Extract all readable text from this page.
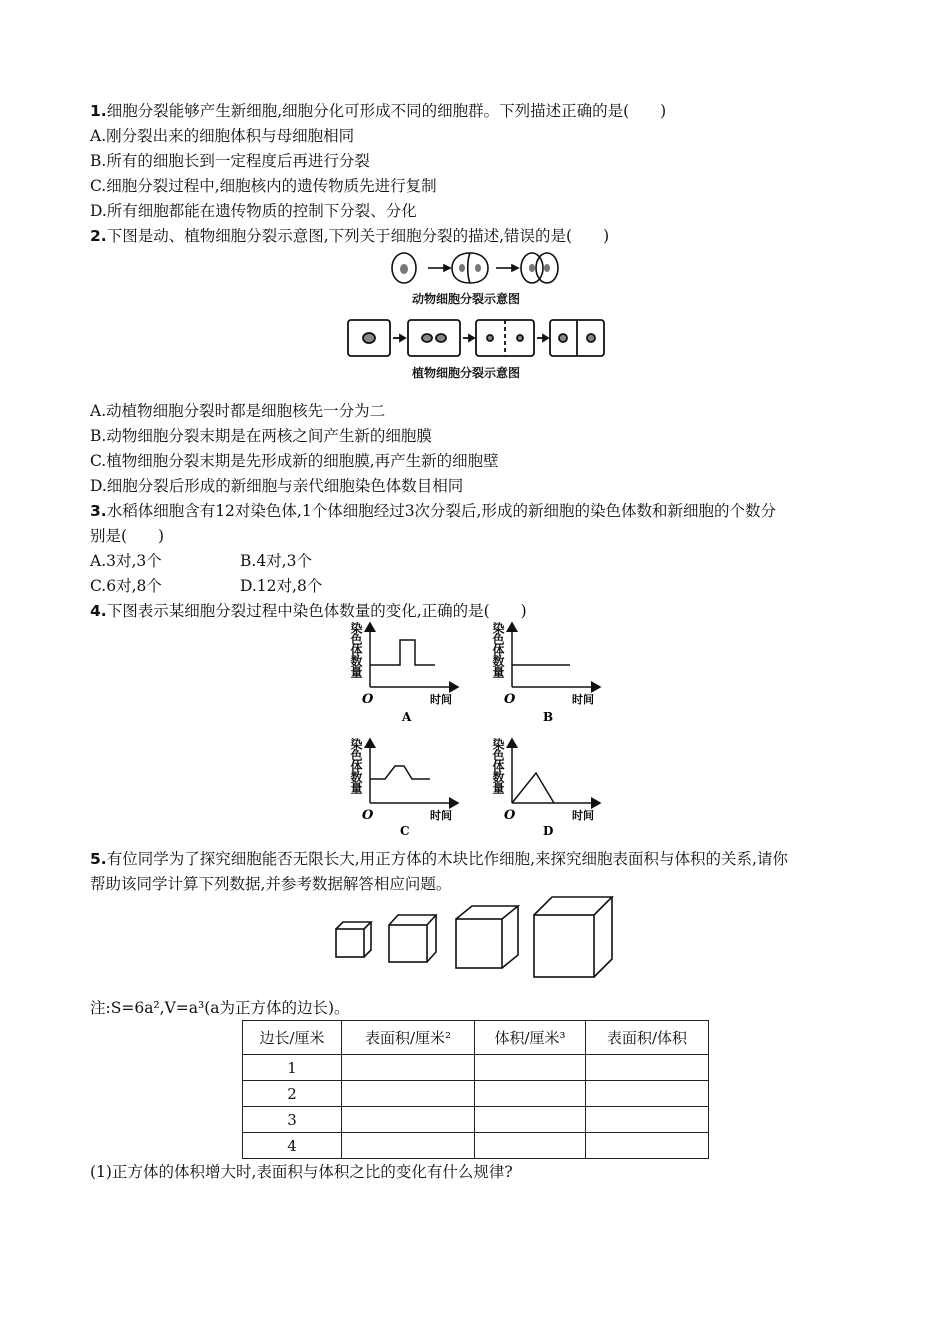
1.细胞分裂能够产生新细胞,细胞分化可形成不同的细胞群。下列描述正确的是(　　)
A.刚分裂出来的细胞体积与母细胞相同
B.所有的细胞长到一定程度后再进行分裂
C.细胞分裂过程中,细胞核内的遗传物质先进行复制
D.所有细胞都能在遗传物质的控制下分裂、分化
2.下图是动、植物细胞分裂示意图,下列关于细胞分裂的描述,错误的是(　　)
动物细胞分裂示意图
植物细胞分裂示意图
A.动植物细胞分裂时都是细胞核先一分为二
B.动物细胞分裂末期是在两核之间产生新的细胞膜
C.植物细胞分裂末期是先形成新的细胞膜,再产生新的细胞壁
D.细胞分裂后形成的新细胞与亲代细胞染色体数目相同
3.水稻体细胞含有12对染色体,1个体细胞经过3次分裂后,形成的新细胞的染色体数和新细胞的个数分
别是(　　)
A.3对,3个	B.4对,3个
C.6对,8个	D.12对,8个
4.下图表示某细胞分裂过程中染色体数量的变化,正确的是(　　)
O	时间
A
O	时间
B
O	时间
C
O	时间
D
染色体数量	染色体数量
染色体数量	染色体数量
5.有位同学为了探究细胞能否无限长大,用正方体的木块比作细胞,来探究细胞表面积与体积的关系,请你
帮助该同学计算下列数据,并参考数据解答相应问题。
注:S=6a²,V=a³(a为正方体的边长)。
边长/厘米	表面积/厘米²	体积/厘米³	表面积/体积
1			
2			
3			
4			
(1)正方体的体积增大时,表面积与体积之比的变化有什么规律?
